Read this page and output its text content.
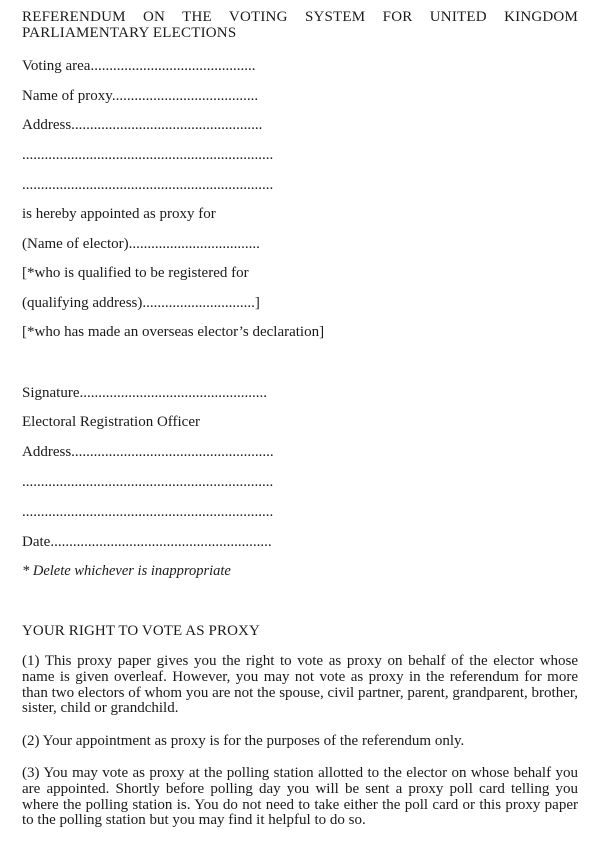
REFERENDUM ON THE VOTING SYSTEM FOR UNITED KINGDOM PARLIAMENTARY ELECTIONS
Voting area............................................
Name of proxy.......................................
Address...................................................
...................................................................
...................................................................
is hereby appointed as proxy for
(Name of elector)...................................
[*who is qualified to be registered for
(qualifying address)..............................]
[*who has made an overseas elector’s declaration]
Signature..................................................
Electoral Registration Officer
Address......................................................
...................................................................
...................................................................
Date...........................................................
* Delete whichever is inappropriate
YOUR RIGHT TO VOTE AS PROXY
(1) This proxy paper gives you the right to vote as proxy on behalf of the elector whose name is given overleaf. However, you may not vote as proxy in the referendum for more than two electors of whom you are not the spouse, civil partner, parent, grandparent, brother, sister, child or grandchild.
(2) Your appointment as proxy is for the purposes of the referendum only.
(3) You may vote as proxy at the polling station allotted to the elector on whose behalf you are appointed. Shortly before polling day you will be sent a proxy poll card telling you where the polling station is. You do not need to take either the poll card or this proxy paper to the polling station but you may find it helpful to do so.
